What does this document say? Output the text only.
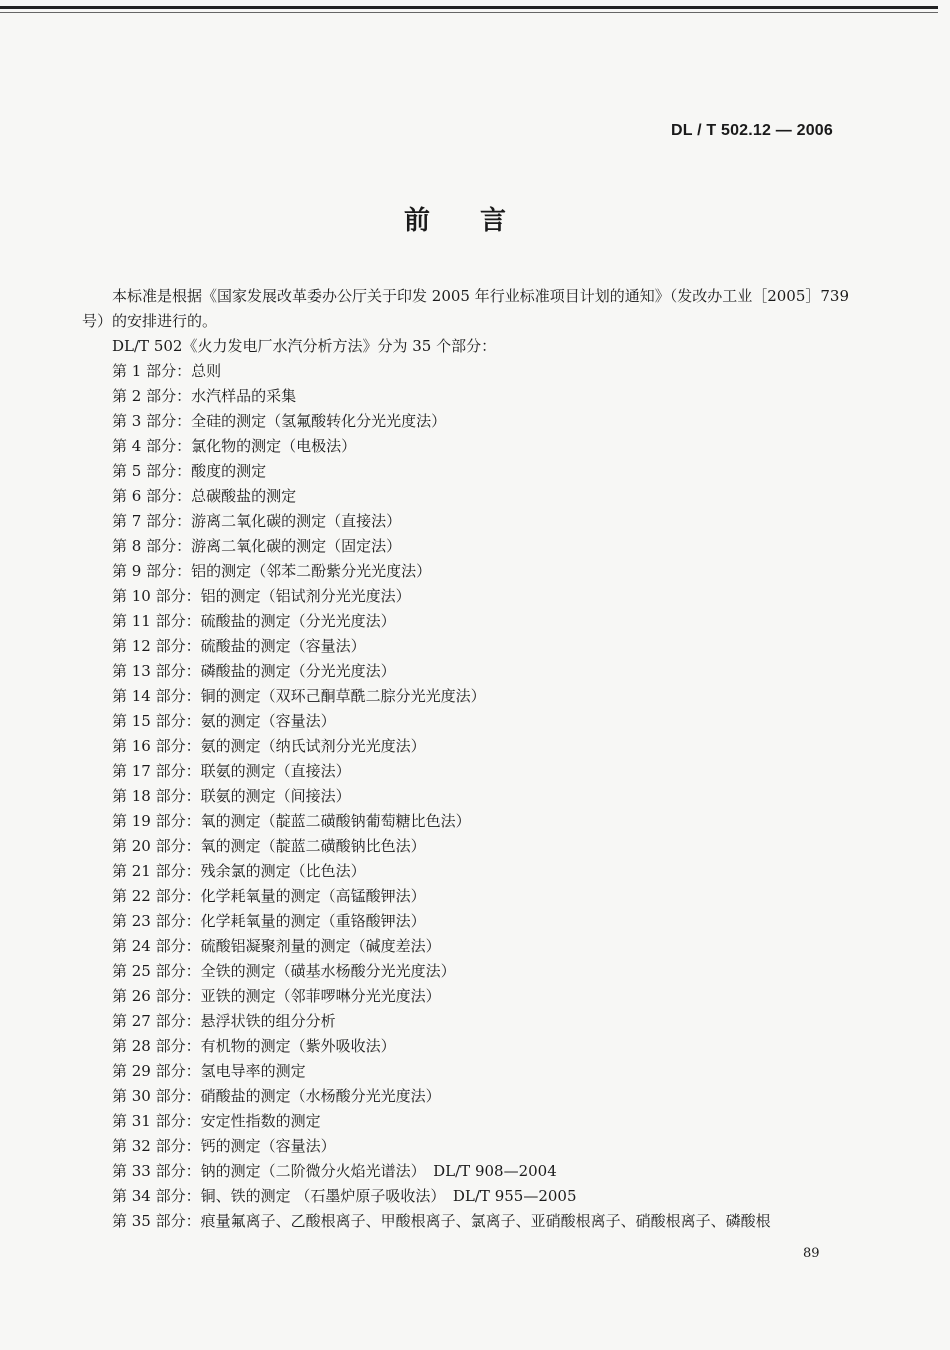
DL / T 502.12 — 2006
前言

本标准是根据《国家发展改革委办公厅关于印发 2005 年行业标准项目计划的通知》（发改办工业［2005］739 号）的安排进行的。

DL/T 502《火力发电厂水汽分析方法》分为 35 个部分：

第 1 部分：总则
第 2 部分：水汽样品的采集
第 3 部分：全硅的测定（氢氟酸转化分光光度法）
第 4 部分：氯化物的测定（电极法）
第 5 部分：酸度的测定
第 6 部分：总碳酸盐的测定
第 7 部分：游离二氧化碳的测定（直接法）
第 8 部分：游离二氧化碳的测定（固定法）
第 9 部分：铝的测定（邻苯二酚紫分光光度法）
第 10 部分：铝的测定（铝试剂分光光度法）
第 11 部分：硫酸盐的测定（分光光度法）
第 12 部分：硫酸盐的测定（容量法）
第 13 部分：磷酸盐的测定（分光光度法）
第 14 部分：铜的测定（双环己酮草酰二腙分光光度法）
第 15 部分：氨的测定（容量法）
第 16 部分：氨的测定（纳氏试剂分光光度法）
第 17 部分：联氨的测定（直接法）
第 18 部分：联氨的测定（间接法）
第 19 部分：氧的测定（靛蓝二磺酸钠葡萄糖比色法）
第 20 部分：氧的测定（靛蓝二磺酸钠比色法）
第 21 部分：残余氯的测定（比色法）
第 22 部分：化学耗氧量的测定（高锰酸钾法）
第 23 部分：化学耗氧量的测定（重铬酸钾法）
第 24 部分：硫酸铝凝聚剂量的测定（碱度差法）
第 25 部分：全铁的测定（磺基水杨酸分光光度法）
第 26 部分：亚铁的测定（邻菲啰啉分光光度法）
第 27 部分：悬浮状铁的组分分析
第 28 部分：有机物的测定（紫外吸收法）
第 29 部分：氢电导率的测定
第 30 部分：硝酸盐的测定（水杨酸分光光度法）
第 31 部分：安定性指数的测定
第 32 部分：钙的测定（容量法）
第 33 部分：钠的测定（二阶微分火焰光谱法）　DL/T 908—2004
第 34 部分：铜、铁的测定 （石墨炉原子吸收法）　DL/T 955—2005
第 35 部分：痕量氟离子、乙酸根离子、甲酸根离子、氯离子、亚硝酸根离子、硝酸根离子、磷酸根
89
